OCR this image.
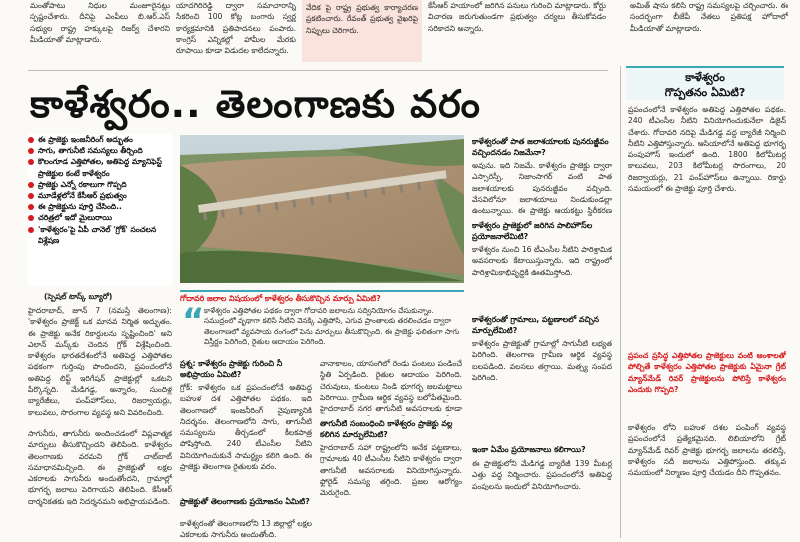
మంతోపాటు నిధుల మంజూరైనట్లు స్పష్టంచేశారు. దీనిపై ఎంపీలు బి.ఆర్.ఎస్ సభ్యుల రాష్ట్ర హక్కులపై రిజర్వ్‌ చేశారని మీడియాతో మాట్లాడారు.
యాదగిరిరెడ్డి ద్వారా సమాచారాన్ని సేకరించి 100 కోట్ల బంగారు స్వర్ణ కార్యక్రమానికి ప్రతిపాదనలు పంపారు. కాంగ్రెస్ ఎన్నికల్లో హామీల మేరకు రూపాయి కూడా విడుదల కాలేదన్నారు.
వేదిక పై రాష్ట్ర ప్రభుత్వ కార్యాచరణ ప్రకటించారు. రేవంత్ ప్రభుత్వ వైఖరిపై నిప్పులు చెరిగారు.
కేసీఆర్ హయాంలో జరిగిన పనులు గురించి మాట్లాడారు. కోర్టు విచారణ జరుగుతుండగా ప్రభుత్వం చర్యలు తీసుకోవడం సరికాదని అన్నారు.
అమిత్ షాను కలిసి రాష్ట్ర సమస్యలపై చర్చించారు. ఈ సందర్భంగా బీజేపీ నేతలు ప్రతిపక్ష హోదాలో మీడియాతో మాట్లాడారు.
కాళేశ్వరం.. తెలంగాణకు వరం
ఈ ప్రాజెక్టు ఇంజనీరింగ్ అద్భుతం
సాగు, తాగునీటి సమస్యలు తీర్చింది
కొలంగూడ ఎత్తిపోతల, అతిపెద్ద మ్యానిఫెస్ట్ ప్రాజెక్టుల కంటే కాళేశ్వరం
ప్రాజెక్టు ఎన్నో రకాలుగా గొప్పది
మూడేళ్లలోనే కేసీఆర్ ప్రభుత్వం
ఈ ప్రాజెక్టును పూర్తి చేసింది..
చరిత్రలో ఇదో మైలురాయి
'కాళేశ్వరం'పై ఏపీ చానెల్ 'గ్రోక్' సంచలన విశ్లేషణ
గోదావరి జలాల విషయంలో కాళేశ్వరం తీసుకొచ్చిన మార్పు ఏమిటి?
“ కాళేశ్వరం ఎత్తిపోతల పథకం ద్వారా గోదావరి జలాలను సద్వినియోగం చేసుకున్నాం. సముద్రంలో వృథాగా కలిసే నీటిని వెనక్కి ఎత్తిపోసి, ఎగువ ప్రాంతాలకు తరలించడం ద్వారా తెలంగాణలో వ్యవసాయ రంగంలో పెను మార్పులు తీసుకొచ్చింది. ఈ ప్రాజెక్టు ఫలితంగా సాగు విస్తీర్ణం పెరిగింది, రైతుల ఆదాయం పెరిగింది.
(స్పెషల్ టాస్క్ బ్యూరో)
హైదరాబాద్, జూన్ 7 (నమస్తే తెలంగాణ): 'కాళేశ్వరం ప్రాజెక్ట్‌ ఒక మానవ నిర్మిత అద్భుతం. ఈ ప్రాజెక్టు అనేక రికార్డులను సృష్టించింది' అని ఎలాన్ మస్క్‌కు చెందిన గ్రోక్ విశ్లేషించింది. కాళేశ్వరం భారతదేశంలోనే అతిపెద్ద ఎత్తిపోతల పథకంగా గుర్తింపు పొందిందని, ప్రపంచంలోనే అతిపెద్ద లిఫ్ట్ ఇరిగేషన్ ప్రాజెక్టుల్లో ఒకటని పేర్కొన్నది. మేడిగడ్డ, అన్నారం, సుందిళ్ల బ్యారేజీలు, పంప్‌హౌస్‌లు, రిజర్వాయర్లు, కాలువలు, సొరంగాల వ్యవస్థ అని వివరించింది.
సాగునీరు, తాగునీరు అందించడంలో విప్లవాత్మక మార్పులు తీసుకొచ్చిందని తెలిపింది. కాళేశ్వరం తెలంగాణకు వరమని గ్రోక్ చాట్‌బాట్ సమాధానమిచ్చింది. ఈ ప్రాజెక్టుతో లక్షల ఎకరాలకు సాగునీరు అందుతోందని, గ్రామాల్లో భూగర్భ జలాలు పెరిగాయని తెలిపింది. కేసీఆర్ దార్శనికతకు ఇది నిదర్శనమని అభిప్రాయపడింది.
ప్రశ్న: కాళేశ్వరం ప్రాజెక్టు గురించి నీ అభిప్రాయం ఏమిటి?
గ్రోక్: కాళేశ్వరం ఒక ప్రపంచంలోనే అతిపెద్ద బహుళ దశ ఎత్తిపోతల పథకం. ఇది తెలంగాణలో ఇంజనీరింగ్ నైపుణ్యానికి నిదర్శనం. తెలంగాణలోని సాగు, తాగునీటి సమస్యలను తీర్చడంలో కీలకపాత్ర పోషిస్తోంది. 240 టీఎంసీల నీటిని వినియోగించుకునే సామర్థ్యం కలిగి ఉంది. ఈ ప్రాజెక్టు తెలంగాణ రైతులకు వరం.
ప్రాజెక్టుతో తెలంగాణకు ప్రయోజనం ఏమిటి?
కాళేశ్వరంతో తెలంగాణలోని 13 జిల్లాల్లో లక్షల ఎకరాలకు సాగునీరు అందుతోంది.
వానాకాలం, యాసంగిలో రెండు పంటలు పండించే స్థితి ఏర్పడింది. రైతుల ఆదాయం పెరిగింది. చెరువులు, కుంటలు నిండి భూగర్భ జలమట్టాలు పెరిగాయి. గ్రామీణ ఆర్థిక వ్యవస్థ బలోపేతమైంది. హైదరాబాద్ నగర తాగునీటి అవసరాలకు కూడా
తాగునీటి సంబంధించి కాళేశ్వరం ప్రాజెక్టు వల్ల కలిగిన మార్పులేమిటి?
హైదరాబాద్ సహా రాష్ట్రంలోని అనేక పట్టణాలు, గ్రామాలకు 40 టీఎంసీల నీటిని కాళేశ్వరం ద్వారా తాగునీటి అవసరాలకు వినియోగిస్తున్నారు. ఫ్లోరైడ్ సమస్య తగ్గింది. ప్రజల ఆరోగ్యం మెరుగైంది.
కాళేశ్వరంతో పాత జలాశయాలకు పునరుజ్జీవం వచ్చిందనడం నిజమేనా?
అవును. ఇది నిజమే. కాళేశ్వరం ప్రాజెక్టు ద్వారా ఎస్సారెస్పీ, నిజాంసాగర్ వంటి పాత జలాశయాలకు పునరుజ్జీవం వచ్చింది. వేసవిలోనూ జలాశయాలు నిండుకుండల్లా ఉంటున్నాయి. ఈ ప్రాజెక్టు ఆయకట్టు స్థిరీకరణ
కాళేశ్వరం ప్రాజెక్టులో జరిగిన పాలిహౌస్‌ల ప్రయోజనాలేమిటి?
కాళేశ్వరం నుంచి 16 టీఎంసీల నీటిని పారిశ్రామిక అవసరాలకు కేటాయిస్తున్నారు. ఇది రాష్ట్రంలో పారిశ్రామికాభివృద్ధికి ఊతమిస్తోంది.
కాళేశ్వరంతో గ్రామాలు, పట్టణాలలో వచ్చిన మార్పులేమిటి?
కాళేశ్వరం ప్రాజెక్టుతో గ్రామాల్లో సాగునీటి లభ్యత పెరిగింది. తెలంగాణ గ్రామీణ ఆర్థిక వ్యవస్థ బలపడింది. వలసలు తగ్గాయి. మత్స్య సంపద పెరిగింది.
ఇంకా ఏమేం ప్రయోజనాలు కలిగాయి?
ఈ ప్రాజెక్టులోని మేడిగడ్డ బ్యారేజీ 139 మీటర్ల ఎత్తు వద్ద నిర్మించారు. ప్రపంచంలోనే అతిపెద్ద పంపులను ఇందులో వినియోగించారు.
కాళేశ్వరం
గొప్పతనం ఏమిటి?
ప్రపంచంలోనే కాళేశ్వరం అతిపెద్ద ఎత్తిపోతల పథకం. 240 టీఎంసీల నీటిని వినియోగించుకునేలా డిజైన్ చేశారు. గోదావరి నదిపై మేడిగడ్డ వద్ద బ్యారేజీ నిర్మించి నీటిని ఎత్తిపోస్తున్నారు. ఆసియాలోనే అతిపెద్ద భూగర్భ పంపుహౌస్ ఇందులో ఉంది. 1800 కిలోమీటర్ల కాలువలు, 203 కిలోమీటర్ల సొరంగాలు, 20 రిజర్వాయర్లు, 21 పంప్‌హౌస్‌లు ఉన్నాయి. రికార్డు సమయంలో ఈ ప్రాజెక్టు పూర్తి చేశారు.
ప్రపంచ ప్రసిద్ధ ఎత్తిపోతల ప్రాజెక్టులు వంటి అంశాలతో పోల్చితే కాళేశ్వరం ఎత్తిపోతల ప్రాజెక్టుకు ఏమైనా గ్రేట్ మ్యాన్‌మేడ్ రివర్ ప్రాజెక్టులను పోలిస్తే కాళేశ్వరం ఎందుకు గొప్పది?
కాళేశ్వరం లోని బహుళ దశల పంపింగ్ వ్యవస్థ ప్రపంచంలోనే ప్రత్యేకమైనది. లిబియాలోని గ్రేట్ మ్యాన్‌మేడ్ రివర్ ప్రాజెక్టు భూగర్భ జలాలను తరలిస్తే, కాళేశ్వరం నదీ జలాలను ఎత్తిపోస్తుంది. తక్కువ సమయంలో నిర్మాణం పూర్తి చేయడం దీని గొప్పతనం.
